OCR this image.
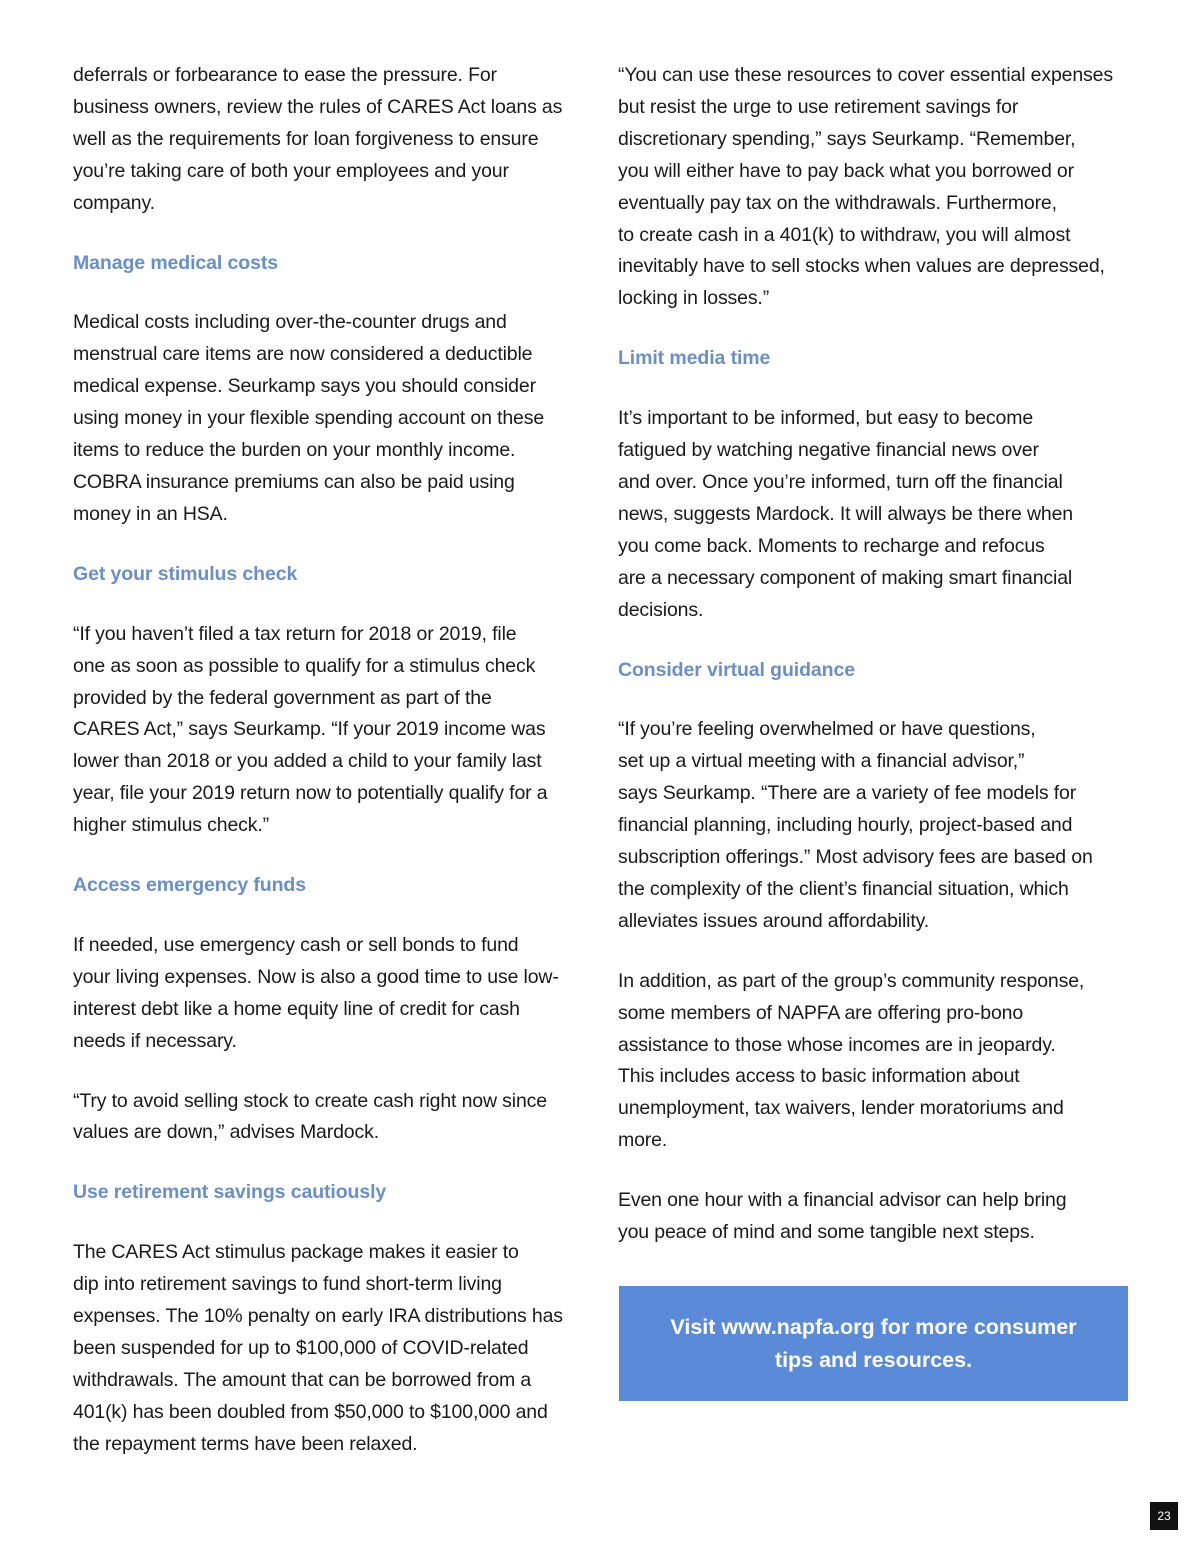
deferrals or forbearance to ease the pressure. For
business owners, review the rules of CARES Act loans as
well as the requirements for loan forgiveness to ensure
you’re taking care of both your employees and your
company.

Manage medical costs

Medical costs including over-the-counter drugs and
menstrual care items are now considered a deductible
medical expense. Seurkamp says you should consider
using money in your flexible spending account on these
items to reduce the burden on your monthly income.
COBRA insurance premiums can also be paid using
money in an HSA.

Get your stimulus check

“If you haven’t filed a tax return for 2018 or 2019, file
one as soon as possible to qualify for a stimulus check
provided by the federal government as part of the
CARES Act,” says Seurkamp. “If your 2019 income was
lower than 2018 or you added a child to your family last
year, file your 2019 return now to potentially qualify for a
higher stimulus check.”

Access emergency funds

If needed, use emergency cash or sell bonds to fund
your living expenses. Now is also a good time to use low-
interest debt like a home equity line of credit for cash
needs if necessary.

“Try to avoid selling stock to create cash right now since
values are down,” advises Mardock.

Use retirement savings cautiously

The CARES Act stimulus package makes it easier to
dip into retirement savings to fund short-term living
expenses. The 10% penalty on early IRA distributions has
been suspended for up to $100,000 of COVID-related
withdrawals. The amount that can be borrowed from a
401(k) has been doubled from $50,000 to $100,000 and
the repayment terms have been relaxed.

“You can use these resources to cover essential expenses
but resist the urge to use retirement savings for
discretionary spending,” says Seurkamp. “Remember,
you will either have to pay back what you borrowed or
eventually pay tax on the withdrawals. Furthermore,
to create cash in a 401(k) to withdraw, you will almost
inevitably have to sell stocks when values are depressed,
locking in losses.”

Limit media time

It’s important to be informed, but easy to become
fatigued by watching negative financial news over
and over. Once you’re informed, turn off the financial
news, suggests Mardock. It will always be there when
you come back. Moments to recharge and refocus
are a necessary component of making smart financial
decisions.

Consider virtual guidance

“If you’re feeling overwhelmed or have questions,
set up a virtual meeting with a financial advisor,”
says Seurkamp. “There are a variety of fee models for
financial planning, including hourly, project-based and
subscription offerings.” Most advisory fees are based on
the complexity of the client’s financial situation, which
alleviates issues around affordability.

In addition, as part of the group’s community response,
some members of NAPFA are offering pro-bono
assistance to those whose incomes are in jeopardy.
This includes access to basic information about
unemployment, tax waivers, lender moratoriums and
more.

Even one hour with a financial advisor can help bring
you peace of mind and some tangible next steps.

Visit www.napfa.org for more consumer
tips and resources.
23
